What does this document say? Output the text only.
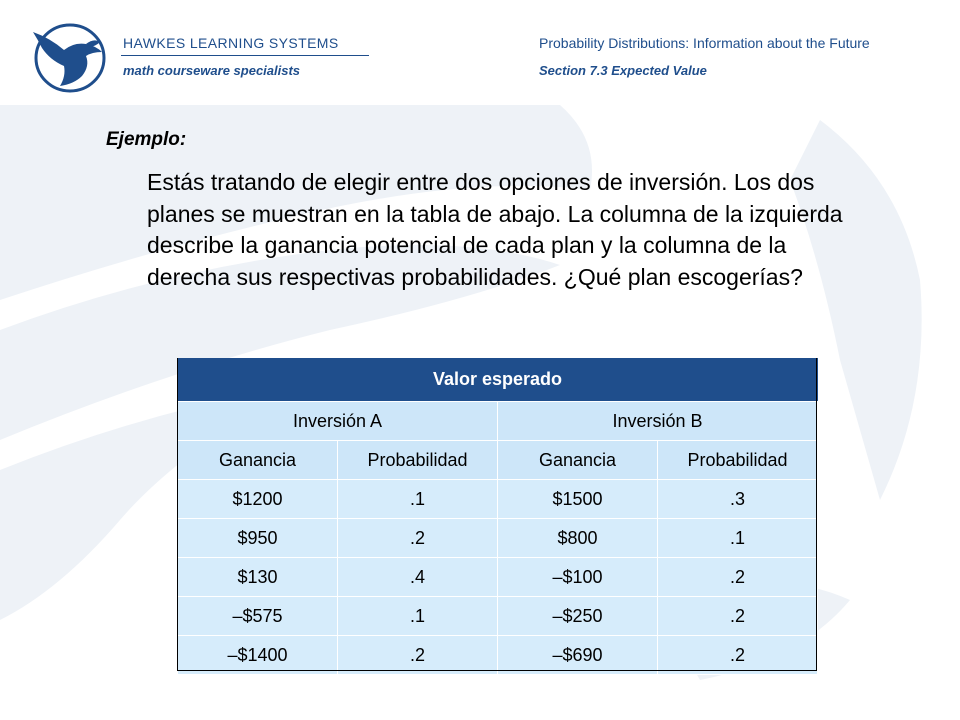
HAWKES LEARNING SYSTEMS
math courseware specialists
Probability Distributions: Information about the Future
Section 7.3 Expected Value
Ejemplo:

Estás tratando de elegir entre dos opciones de inversión. Los dos planes se muestran en la tabla de abajo. La columna de la izquierda describe la ganancia potencial de cada plan y la columna de la derecha sus respectivas probabilidades. ¿Qué plan escogerías?

Valor esperado			
Inversión A		Inversión B	
Ganancia	Probabilidad	Ganancia	Probabilidad
$1200	.1	$1500	.3
$950	.2	$800	.1
$130	.4	–$100	.2
–$575	.1	–$250	.2
–$1400	.2	–$690	.2
